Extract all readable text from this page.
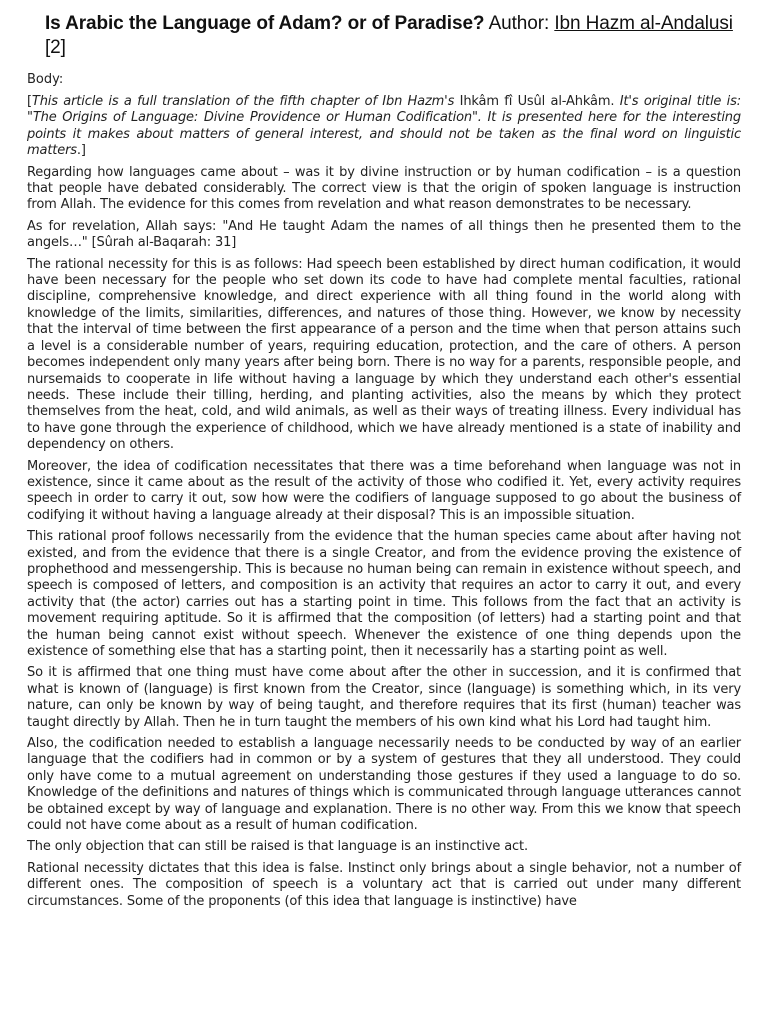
Is Arabic the Language of Adam? or of Paradise? Author: Ibn Hazm al-Andalusi [2]
Body:

[This article is a full translation of the fifth chapter of Ibn Hazm's Ihkâm fî Usûl al-Ahkâm. It's original title is: "The Origins of Language: Divine Providence or Human Codification". It is presented here for the interesting points it makes about matters of general interest, and should not be taken as the final word on linguistic matters.]

Regarding how languages came about – was it by divine instruction or by human codification – is a question that people have debated considerably. The correct view is that the origin of spoken language is instruction from Allah. The evidence for this comes from revelation and what reason demonstrates to be necessary.

As for revelation, Allah says: "And He taught Adam the names of all things then he presented them to the angels…" [Sûrah al-Baqarah: 31]

The rational necessity for this is as follows: Had speech been established by direct human codification, it would have been necessary for the people who set down its code to have had complete mental faculties, rational discipline, comprehensive knowledge, and direct experience with all thing found in the world along with knowledge of the limits, similarities, differences, and natures of those thing. However, we know by necessity that the interval of time between the first appearance of a person and the time when that person attains such a level is a considerable number of years, requiring education, protection, and the care of others. A person becomes independent only many years after being born. There is no way for a parents, responsible people, and nursemaids to cooperate in life without having a language by which they understand each other's essential needs. These include their tilling, herding, and planting activities, also the means by which they protect themselves from the heat, cold, and wild animals, as well as their ways of treating illness. Every individual has to have gone through the experience of childhood, which we have already mentioned is a state of inability and dependency on others.

Moreover, the idea of codification necessitates that there was a time beforehand when language was not in existence, since it came about as the result of the activity of those who codified it. Yet, every activity requires speech in order to carry it out, sow how were the codifiers of language supposed to go about the business of codifying it without having a language already at their disposal? This is an impossible situation.

This rational proof follows necessarily from the evidence that the human species came about after having not existed, and from the evidence that there is a single Creator, and from the evidence proving the existence of prophethood and messengership. This is because no human being can remain in existence without speech, and speech is composed of letters, and composition is an activity that requires an actor to carry it out, and every activity that (the actor) carries out has a starting point in time. This follows from the fact that an activity is movement requiring aptitude. So it is affirmed that the composition (of letters) had a starting point and that the human being cannot exist without speech. Whenever the existence of one thing depends upon the existence of something else that has a starting point, then it necessarily has a starting point as well.

So it is affirmed that one thing must have come about after the other in succession, and it is confirmed that what is known of (language) is first known from the Creator, since (language) is something which, in its very nature, can only be known by way of being taught, and therefore requires that its first (human) teacher was taught directly by Allah. Then he in turn taught the members of his own kind what his Lord had taught him.

Also, the codification needed to establish a language necessarily needs to be conducted by way of an earlier language that the codifiers had in common or by a system of gestures that they all understood. They could only have come to a mutual agreement on understanding those gestures if they used a language to do so. Knowledge of the definitions and natures of things which is communicated through language utterances cannot be obtained except by way of language and explanation. There is no other way. From this we know that speech could not have come about as a result of human codification.

The only objection that can still be raised is that language is an instinctive act.

Rational necessity dictates that this idea is false. Instinct only brings about a single behavior, not a number of different ones. The composition of speech is a voluntary act that is carried out under many different circumstances. Some of the proponents (of this idea that language is instinctive) have
